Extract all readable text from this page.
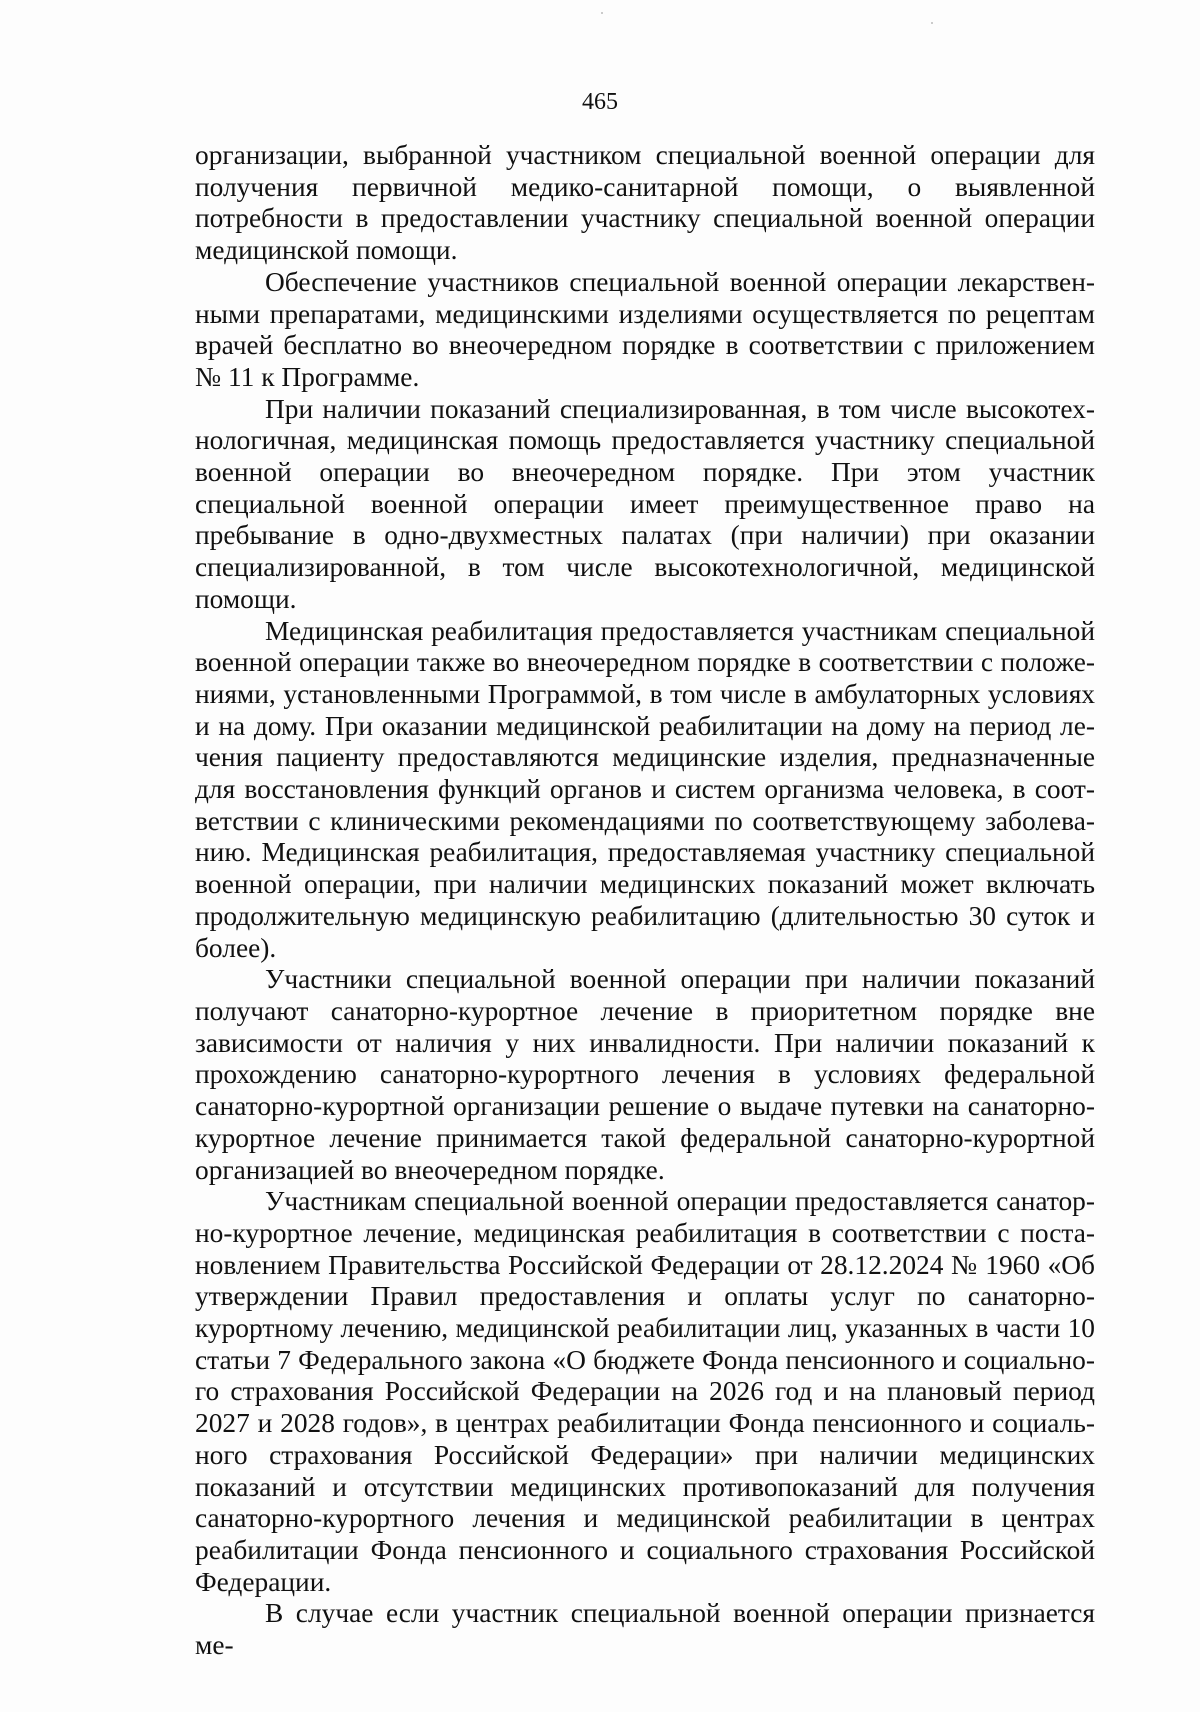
465

организации, выбранной участником специальной военной операции для получения первичной медико-санитарной помощи, о выявленной потребности в предоставлении участнику специальной военной операции медицинской помощи.

Обеспечение участников специальной военной операции лекарственными препаратами, медицинскими изделиями осуществляется по рецептам врачей бесплатно во внеочередном порядке в соответствии с приложением № 11 к Программе.

При наличии показаний специализированная, в том числе высокотехнологичная, медицинская помощь предоставляется участнику специальной военной операции во внеочередном порядке. При этом участник специальной военной операции имеет преимущественное право на пребывание в одно-двухместных палатах (при наличии) при оказании специализированной, в том числе высокотехнологичной, медицинской помощи.

Медицинская реабилитация предоставляется участникам специальной военной операции также во внеочередном порядке в соответствии с положениями, установленными Программой, в том числе в амбулаторных условиях и на дому. При оказании медицинской реабилитации на дому на период лечения пациенту предоставляются медицинские изделия, предназначенные для восстановления функций органов и систем организма человека, в соответствии с клиническими рекомендациями по соответствующему заболеванию. Медицинская реабилитация, предоставляемая участнику специальной военной операции, при наличии медицинских показаний может включать продолжительную медицинскую реабилитацию (длительностью 30 суток и более).

Участники специальной военной операции при наличии показаний получают санаторно-курортное лечение в приоритетном порядке вне зависимости от наличия у них инвалидности. При наличии показаний к прохождению санаторно-курортного лечения в условиях федеральной санаторно-курортной организации решение о выдаче путевки на санаторно-курортное лечение принимается такой федеральной санаторно-курортной организацией во внеочередном порядке.

Участникам специальной военной операции предоставляется санаторно-курортное лечение, медицинская реабилитация в соответствии с постановлением Правительства Российской Федерации от 28.12.2024 № 1960 «Об утверждении Правил предоставления и оплаты услуг по санаторно-курортному лечению, медицинской реабилитации лиц, указанных в части 10 статьи 7 Федерального закона «О бюджете Фонда пенсионного и социального страхования Российской Федерации на 2026 год и на плановый период 2027 и 2028 годов», в центрах реабилитации Фонда пенсионного и социального страхования Российской Федерации» при наличии медицинских показаний и отсутствии медицинских противопоказаний для получения санаторно-курортного лечения и медицинской реабилитации в центрах реабилитации Фонда пенсионного и социального страхования Российской Федерации.

В случае если участник специальной военной операции признается ме-
